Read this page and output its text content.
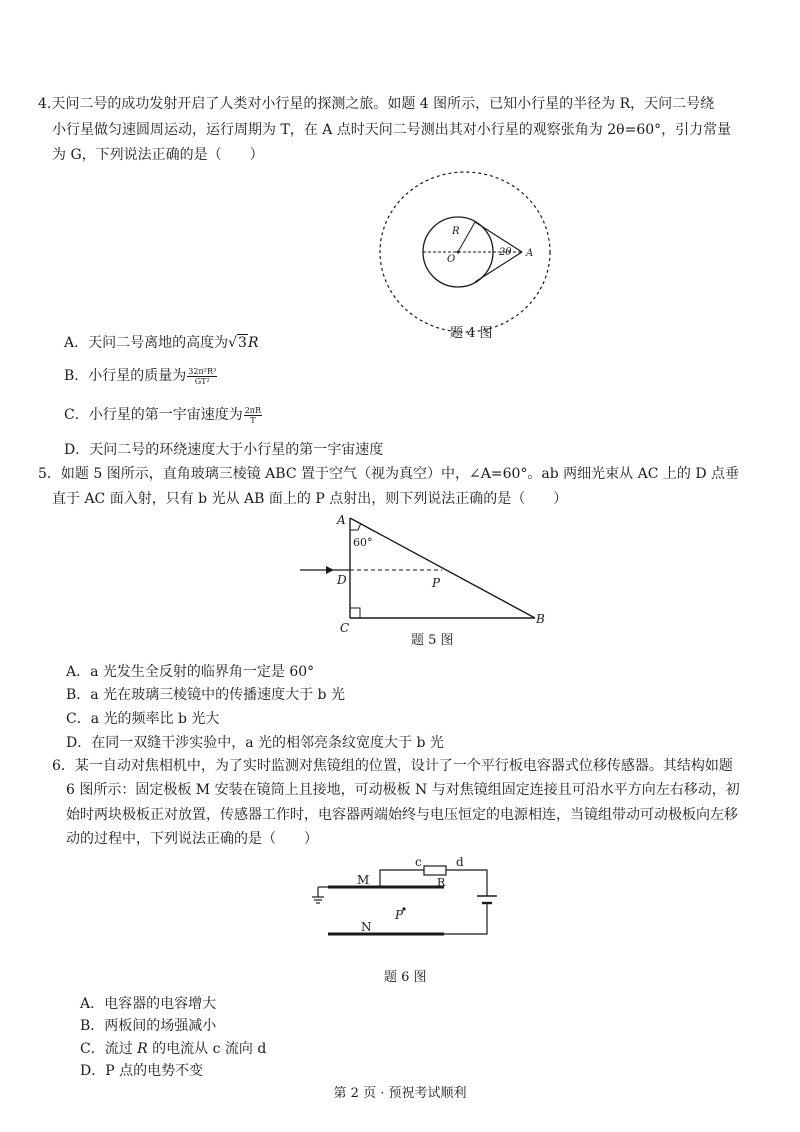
4.天问二号的成功发射开启了人类对小行星的探测之旅。如题 4 图所示，已知小行星的半径为 R，天问二号绕
小行星做匀速圆周运动，运行周期为 T，在 A 点时天问二号测出其对小行星的观察张角为 2θ=60°，引力常量
为 G，下列说法正确的是（　　）
R
O
2θ A
A
60°
D	P
C
B
c	d
M	R
P
N
题 4 图
A．天问二号离地的高度为√3R
B．小行星的质量为 $\frac{\text{32π²R³}}{\text{GT²}}$
C．小行星的第一宇宙速度为 $\frac{2\pi R}{T}$
D．天问二号的环绕速度大于小行星的第一宇宙速度
5．如题 5 图所示，直角玻璃三棱镜 ABC 置于空气（视为真空）中，∠A=60°。ab 两细光束从 AC 上的 D 点垂
直于 AC 面入射，只有 b 光从 AB 面上的 P 点射出，则下列说法正确的是（　　）
题 5 图
A．a 光发生全反射的临界角一定是 60°
B．a 光在玻璃三棱镜中的传播速度大于 b 光
C．a 光的频率比 b 光大
D．在同一双缝干涉实验中，a 光的相邻亮条纹宽度大于 b 光
6．某一自动对焦相机中，为了实时监测对焦镜组的位置，设计了一个平行板电容器式位移传感器。其结构如题
6 图所示：固定极板 M 安装在镜筒上且接地，可动极板 N 与对焦镜组固定连接且可沿水平方向左右移动，初
始时两块极板正对放置，传感器工作时，电容器两端始终与电压恒定的电源相连，当镜组带动可动极板向左移
动的过程中，下列说法正确的是（　　）
题 6 图
A．电容器的电容增大
B．两板间的场强减小
C．流过 R 的电流从 c 流向 d
D．P 点的电势不变
第 2 页 · 预祝考试顺利
